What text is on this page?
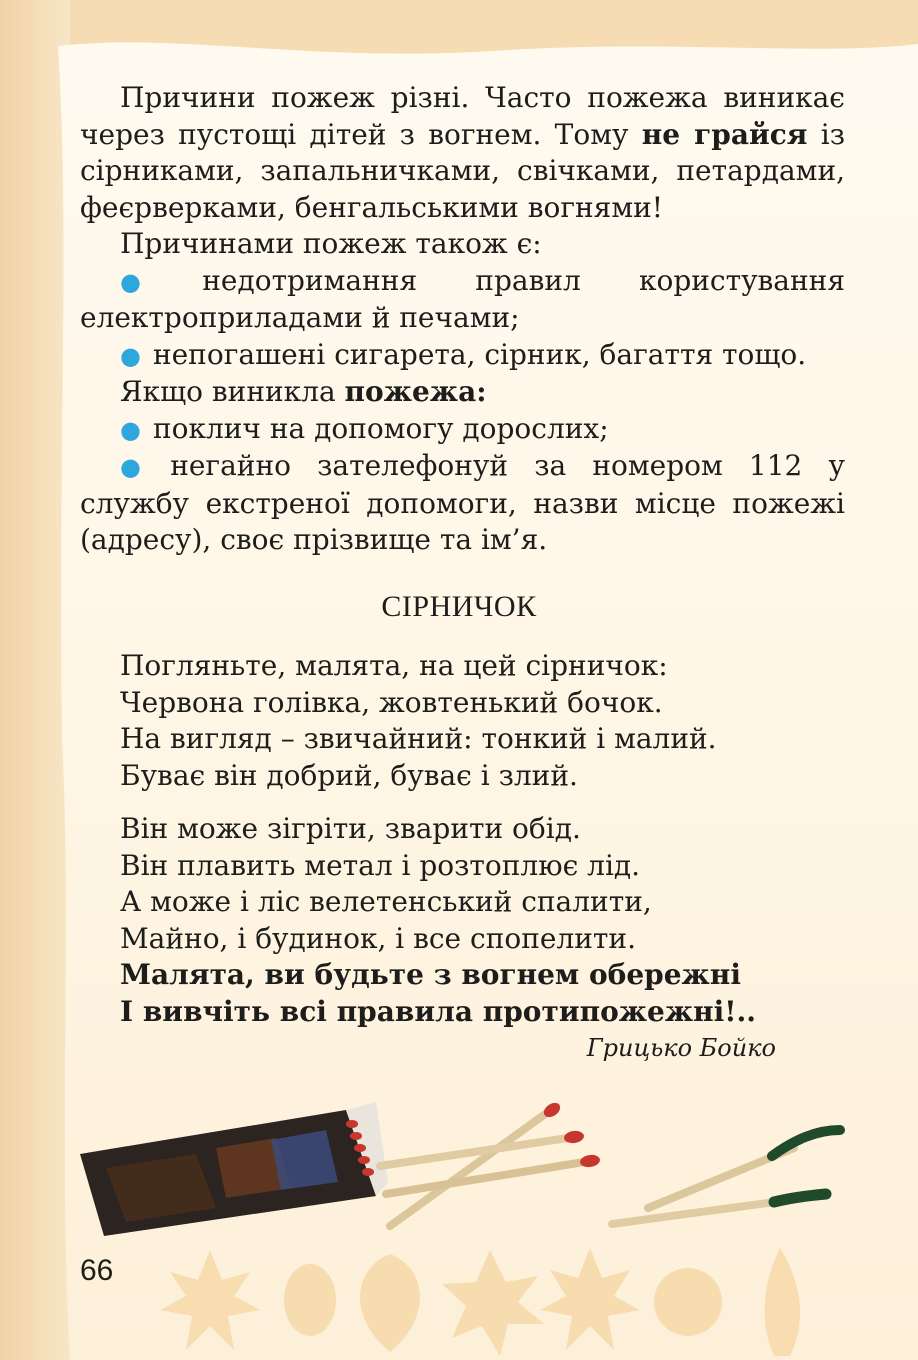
Причини пожеж різні. Часто пожежа виникає через пустощі дітей з вогнем. Тому не грайся із сірниками, запальничками, свічками, петардами, феєрверками, бенгальськими вогнями!

Причинами пожеж також є:

● недотримання правил користування електроприладами й печами;

● непогашені сигарета, сірник, багаття тощо.

Якщо виникла пожежа:

● поклич на допомогу дорослих;

● негайно зателефонуй за номером 112 у службу екстреної допомоги, назви місце пожежі (адресу), своє прізвище та ім’я.

СІРНИЧОК

Погляньте, малята, на цей сірничок:

Червона голівка, жовтенький бочок.

На вигляд – звичайний: тонкий і малий.

Буває він добрий, буває і злий.

Він може зігріти, зварити обід.

Він плавить метал і розтоплює лід.

А може і ліс велетенський спалити,

Майно, і будинок, і все спопелити.

Малята, ви будьте з вогнем обережні

І вивчіть всі правила протипожежні!..

Грицько Бойко
66
